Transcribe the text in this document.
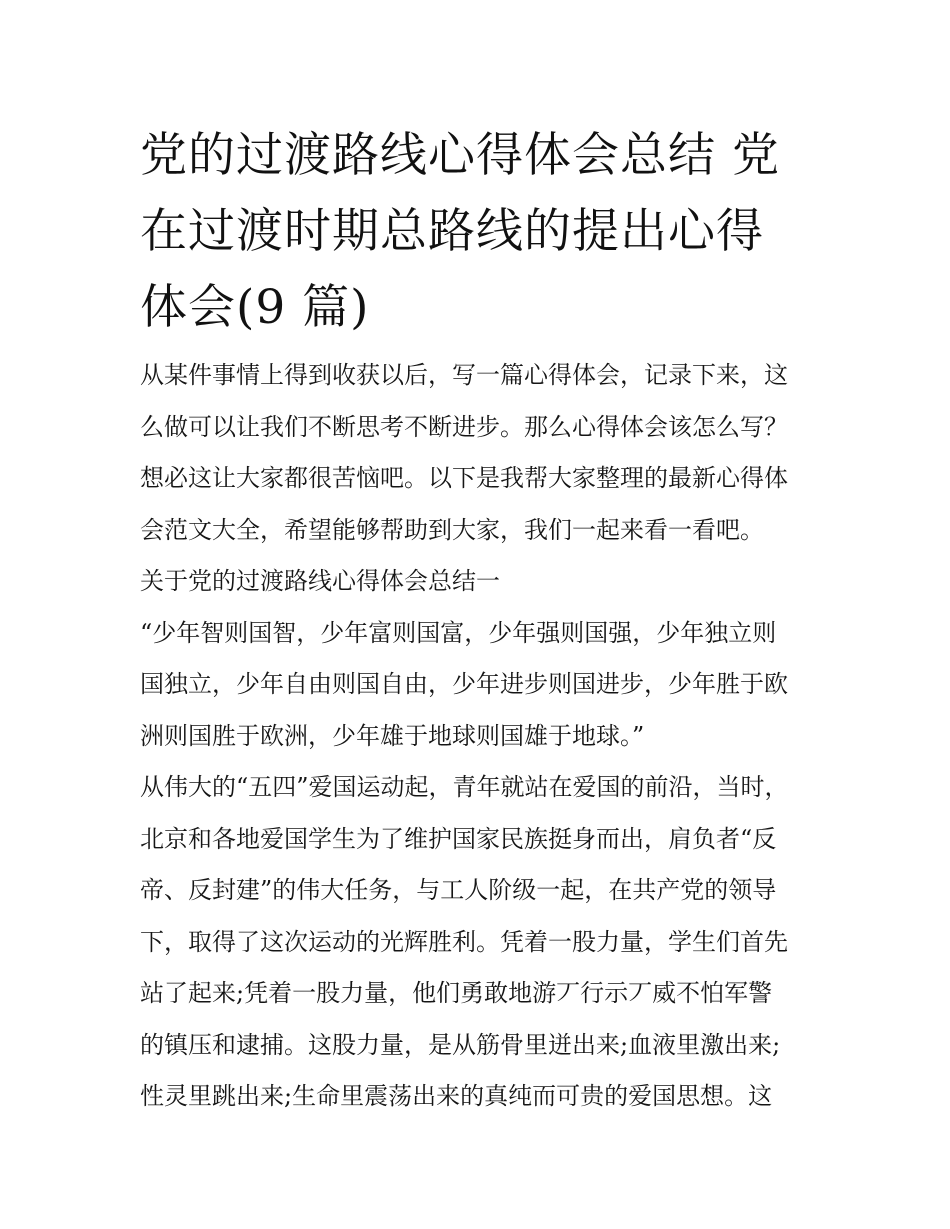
党的过渡路线心得体会总结 党
在过渡时期总路线的提出心得
体会(9 篇)
从某件事情上得到收获以后，写一篇心得体会，记录下来，这
么做可以让我们不断思考不断进步。那么心得体会该怎么写？
想必这让大家都很苦恼吧。以下是我帮大家整理的最新心得体
会范文大全，希望能够帮助到大家，我们一起来看一看吧。
关于党的过渡路线心得体会总结一
“少年智则国智，少年富则国富，少年强则国强，少年独立则
国独立，少年自由则国自由，少年进步则国进步，少年胜于欧
洲则国胜于欧洲，少年雄于地球则国雄于地球。”
从伟大的“五四”爱国运动起，青年就站在爱国的前沿，当时，
北京和各地爱国学生为了维护国家民族挺身而出，肩负者“反
帝、反封建”的伟大任务，与工人阶级一起，在共产党的领导
下，取得了这次运动的光辉胜利。凭着一股力量，学生们首先
站了起来;凭着一股力量，他们勇敢地游丆行示丆威不怕军警
的镇压和逮捕。这股力量，是从筋骨里迸出来;血液里激出来;
性灵里跳出来;生命里震荡出来的真纯而可贵的爱国思想。这
